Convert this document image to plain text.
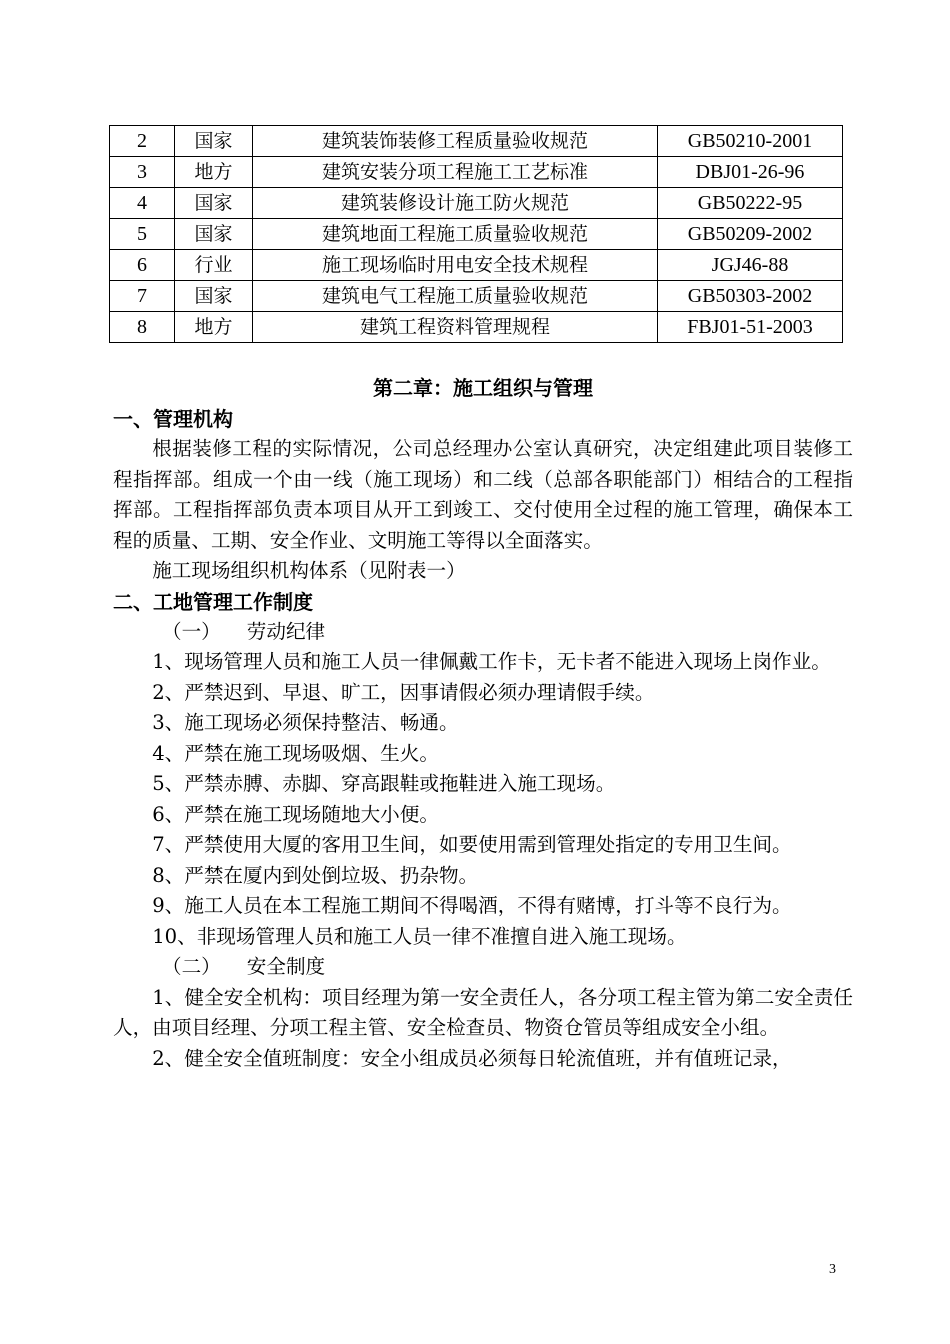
2	国家	建筑装饰装修工程质量验收规范	GB50210-2001
3	地方	建筑安装分项工程施工工艺标准	DBJ01-26-96
4	国家	建筑装修设计施工防火规范	GB50222-95
5	国家	建筑地面工程施工质量验收规范	GB50209-2002
6	行业	施工现场临时用电安全技术规程	JGJ46-88
7	国家	建筑电气工程施工质量验收规范	GB50303-2002
8	地方	建筑工程资料管理规程	FBJ01-51-2003

第二章：施工组织与管理

一、管理机构

根据装修工程的实际情况，公司总经理办公室认真研究，决定组建此项目装修工程指挥部。组成一个由一线（施工现场）和二线（总部各职能部门）相结合的工程指挥部。工程指挥部负责本项目从开工到竣工、交付使用全过程的施工管理，确保本工程的质量、工期、安全作业、文明施工等得以全面落实。

施工现场组织机构体系（见附表一）

二、工地管理工作制度

（一） 劳动纪律

1、现场管理人员和施工人员一律佩戴工作卡，无卡者不能进入现场上岗作业。

2、严禁迟到、早退、旷工，因事请假必须办理请假手续。

3、施工现场必须保持整洁、畅通。

4、严禁在施工现场吸烟、生火。

5、严禁赤膊、赤脚、穿高跟鞋或拖鞋进入施工现场。

6、严禁在施工现场随地大小便。

7、严禁使用大厦的客用卫生间，如要使用需到管理处指定的专用卫生间。

8、严禁在厦内到处倒垃圾、扔杂物。

9、施工人员在本工程施工期间不得喝酒，不得有赌博，打斗等不良行为。

10、非现场管理人员和施工人员一律不准擅自进入施工现场。

（二） 安全制度

1、健全安全机构：项目经理为第一安全责任人，各分项工程主管为第二安全责任人，由项目经理、分项工程主管、安全检查员、物资仓管员等组成安全小组。

2、健全安全值班制度：安全小组成员必须每日轮流值班，并有值班记录，

3
